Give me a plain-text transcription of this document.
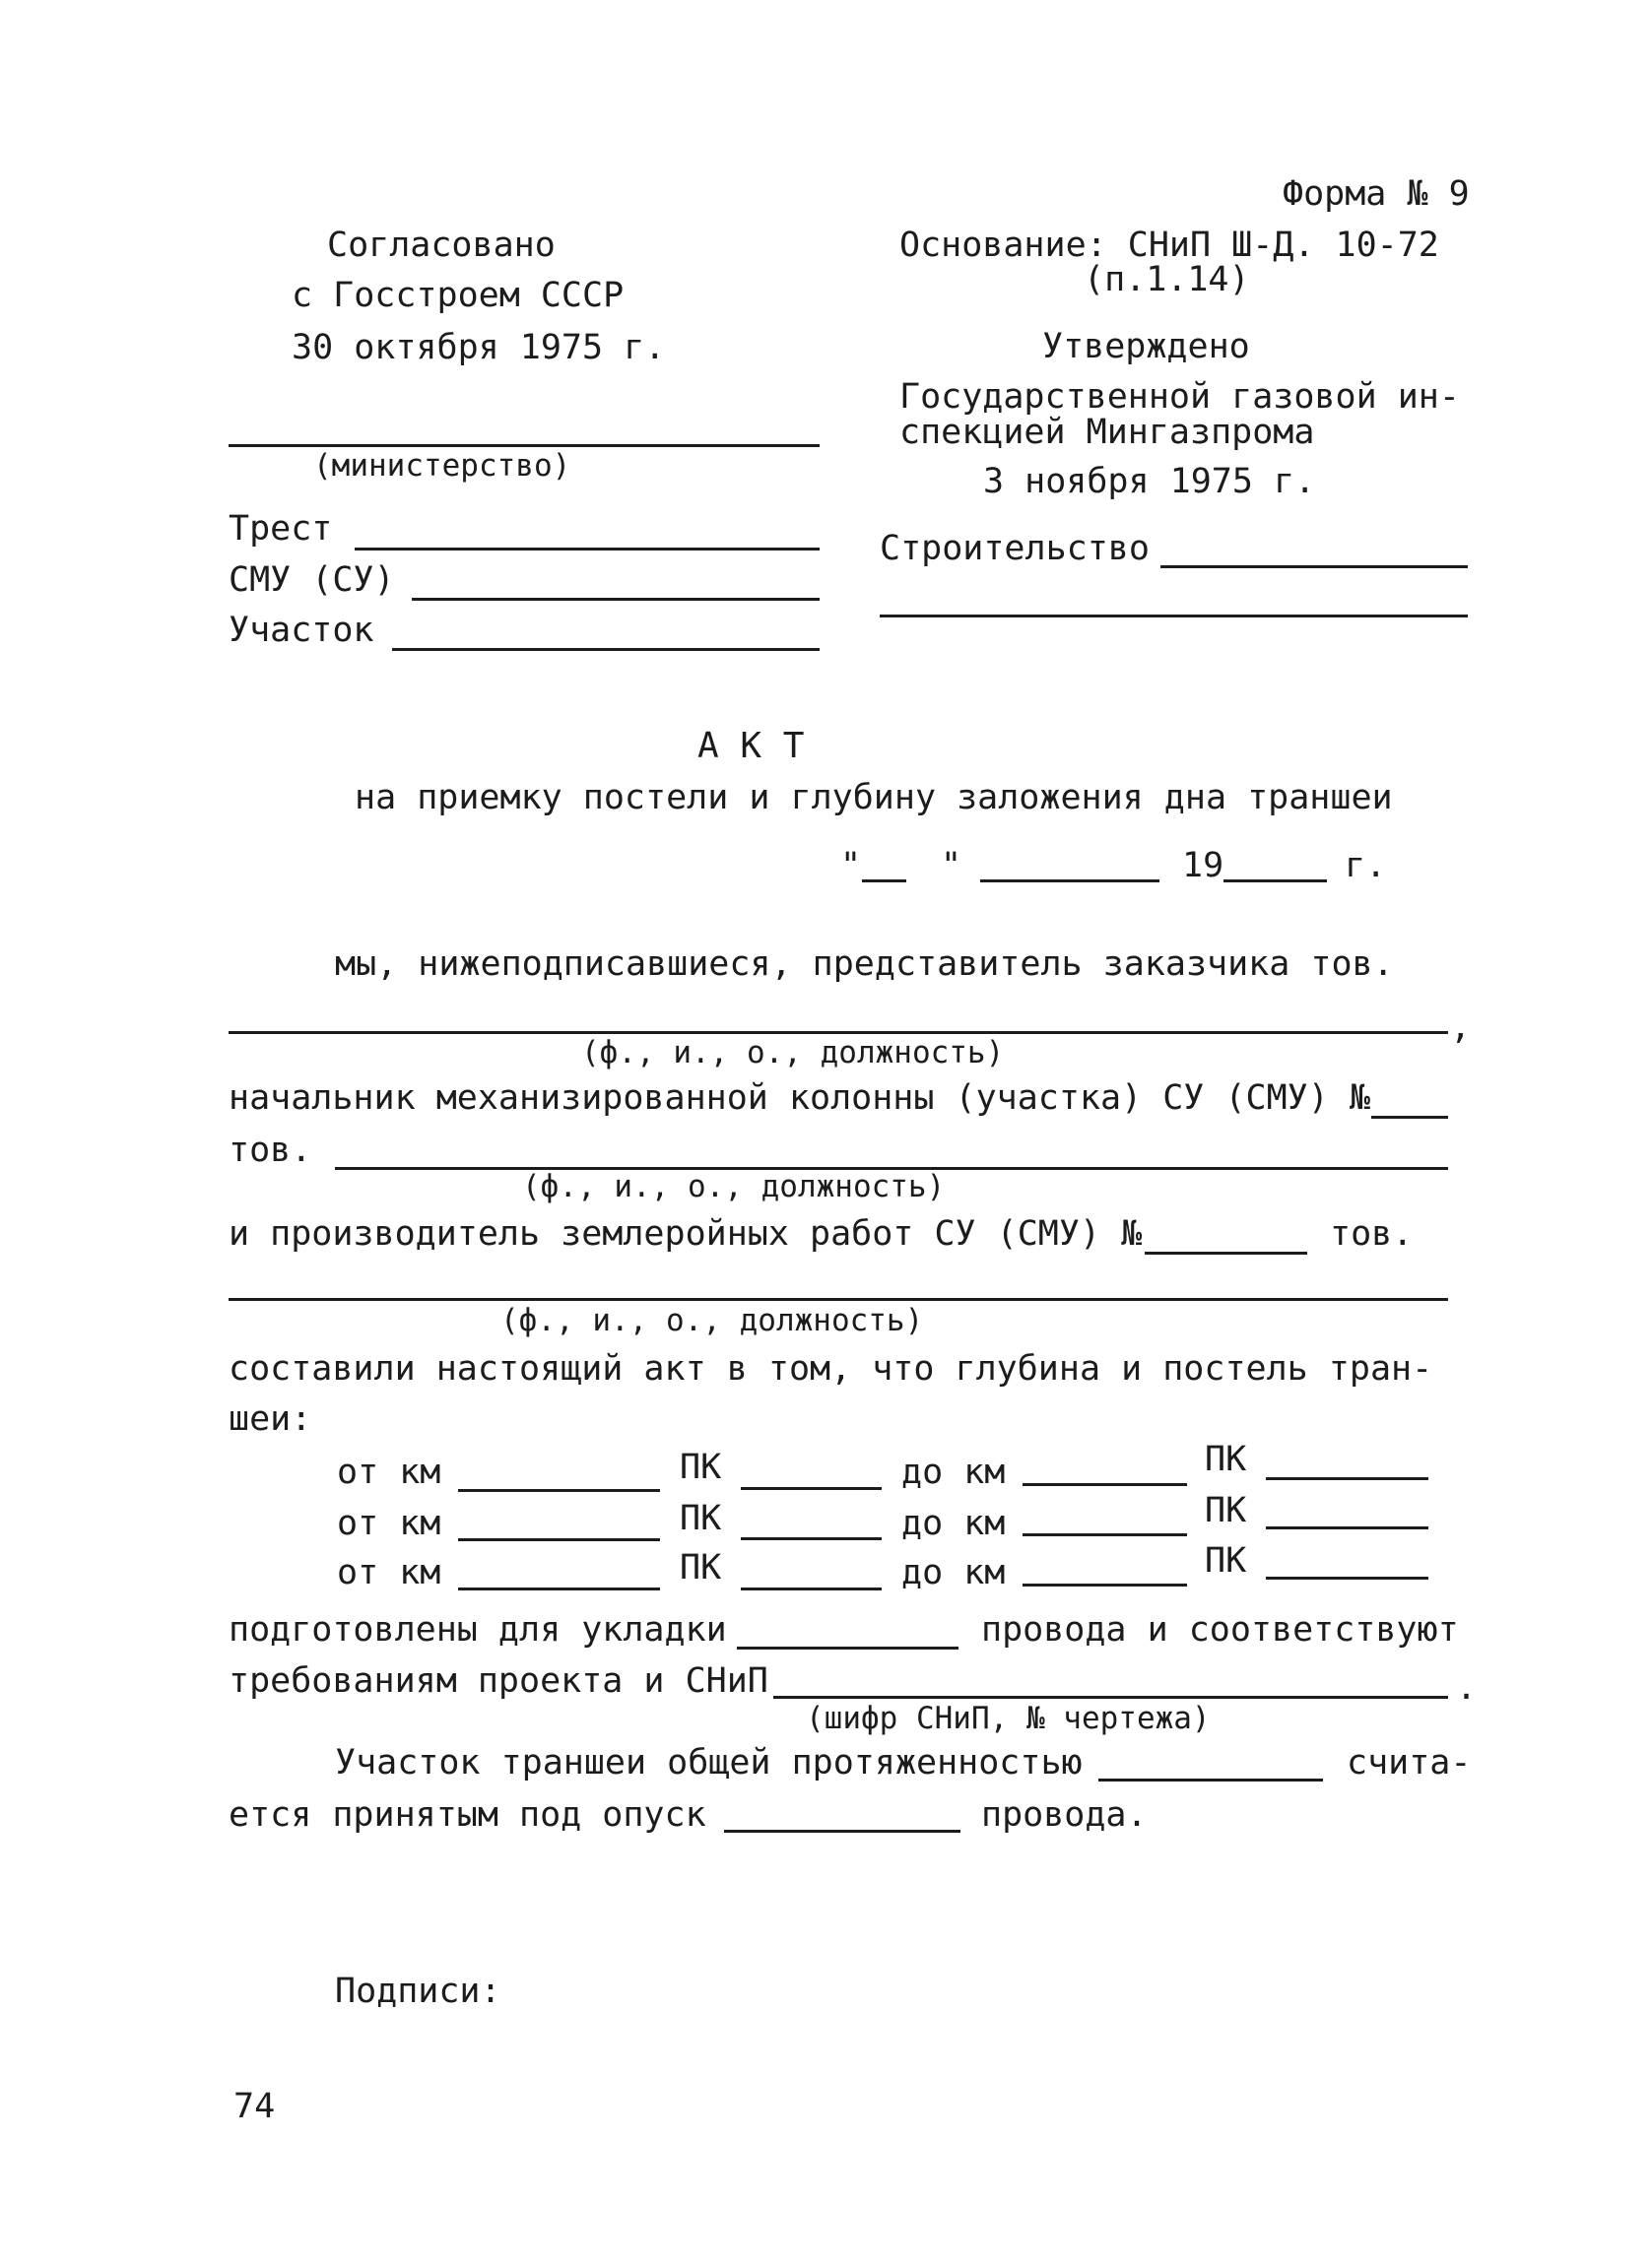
Форма № 9
Согласовано
с Госстроем СССР
30 октября 1975 г.
Основание: СНиП Ш-Д. 10-72
(п.1.14)
Утверждено
Государственной газовой ин-
спекцией Мингазпрома
3 ноября 1975 г.
(министерство)
Трест
СМУ (СУ)
Участок
Строительство
А К Т
на приемку постели и глубину заложения дна траншеи
" "	19	г.
мы, нижеподписавшиеся, представитель заказчика тов.
,
(ф., и., о., должность)
начальник механизированной колонны (участка) СУ (СМУ) №
тов.
(ф., и., о., должность)
и производитель землеройных работ СУ (СМУ) №	тов.
(ф., и., о., должность)
составили настоящий акт в том, что глубина и постель тран-
шеи:
от км	ПК	до км	ПК
от км	ПК	до км	ПК
от км	ПК	до км	ПК
подготовлены для укладки	провода и соответствуют
требованиям проекта и СНиП	.
(шифр СНиП, № чертежа)
Участок траншеи общей протяженностью	счита-
ется принятым под опуск	провода.
Подписи:
74
